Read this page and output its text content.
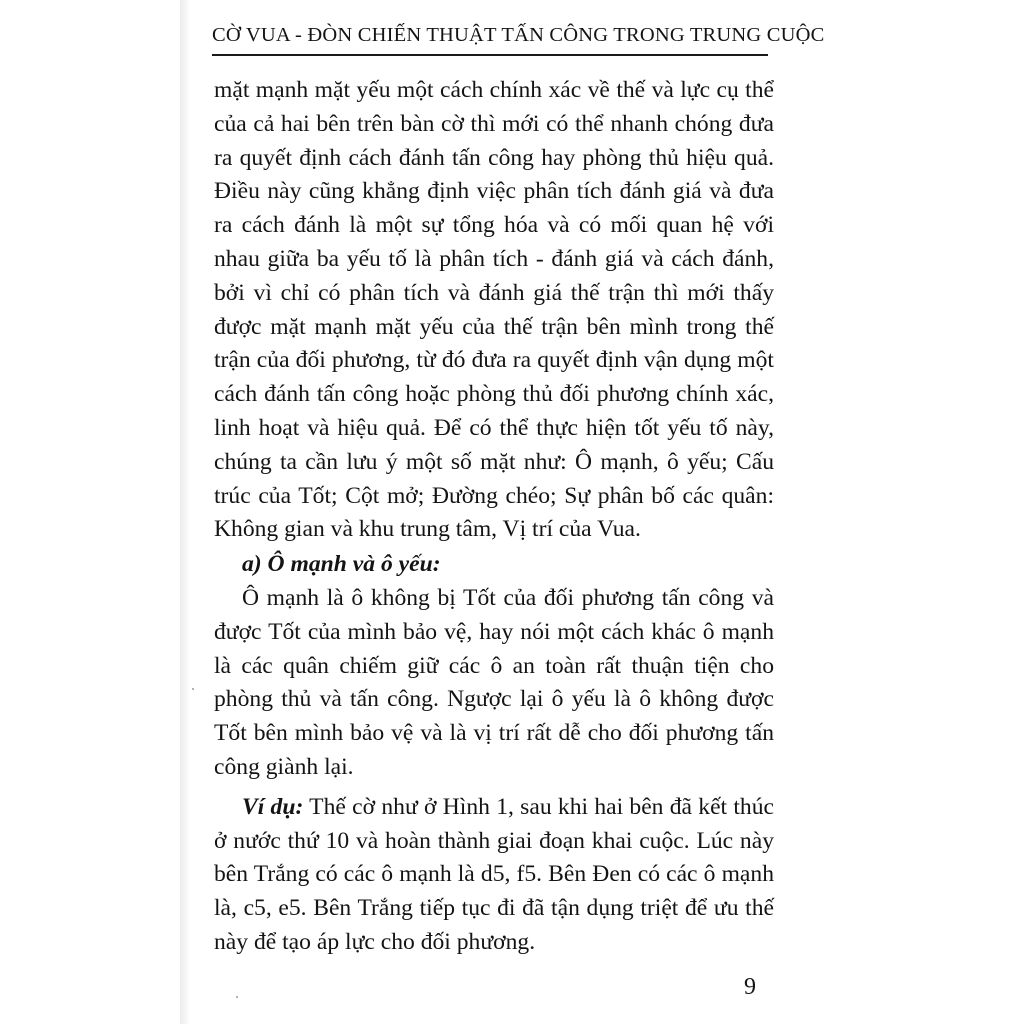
CỜ VUA - ĐÒN CHIẾN THUẬT TẤN CÔNG TRONG TRUNG CUỘC
mặt mạnh mặt yếu một cách chính xác về thế và lực cụ thể
của cả hai bên trên bàn cờ thì mới có thể nhanh chóng đưa
ra quyết định cách đánh tấn công hay phòng thủ hiệu quả.
Điều này cũng khẳng định việc phân tích đánh giá và đưa
ra cách đánh là một sự tổng hóa và có mối quan hệ với
nhau giữa ba yếu tố là phân tích - đánh giá và cách đánh,
bởi vì chỉ có phân tích và đánh giá thế trận thì mới thấy
được mặt mạnh mặt yếu của thế trận bên mình trong thế
trận của đối phương, từ đó đưa ra quyết định vận dụng một
cách đánh tấn công hoặc phòng thủ đối phương chính xác,
linh hoạt và hiệu quả. Để có thể thực hiện tốt yếu tố này,
chúng ta cần lưu ý một số mặt như: Ô mạnh, ô yếu; Cấu
trúc của Tốt; Cột mở; Đường chéo; Sự phân bố các quân:
Không gian và khu trung tâm, Vị trí của Vua.
a) Ô mạnh và ô yếu:
Ô mạnh là ô không bị Tốt của đối phương tấn công và
được Tốt của mình bảo vệ, hay nói một cách khác ô mạnh
là các quân chiếm giữ các ô an toàn rất thuận tiện cho
phòng thủ và tấn công. Ngược lại ô yếu là ô không được
Tốt bên mình bảo vệ và là vị trí rất dễ cho đối phương tấn
công giành lại.
Ví dụ: Thế cờ như ở Hình 1, sau khi hai bên đã kết thúc
ở nước thứ 10 và hoàn thành giai đoạn khai cuộc. Lúc này
bên Trắng có các ô mạnh là d5, f5. Bên Đen có các ô mạnh
là, c5, e5. Bên Trắng tiếp tục đi đã tận dụng triệt để ưu thế
này để tạo áp lực cho đối phương.
9
